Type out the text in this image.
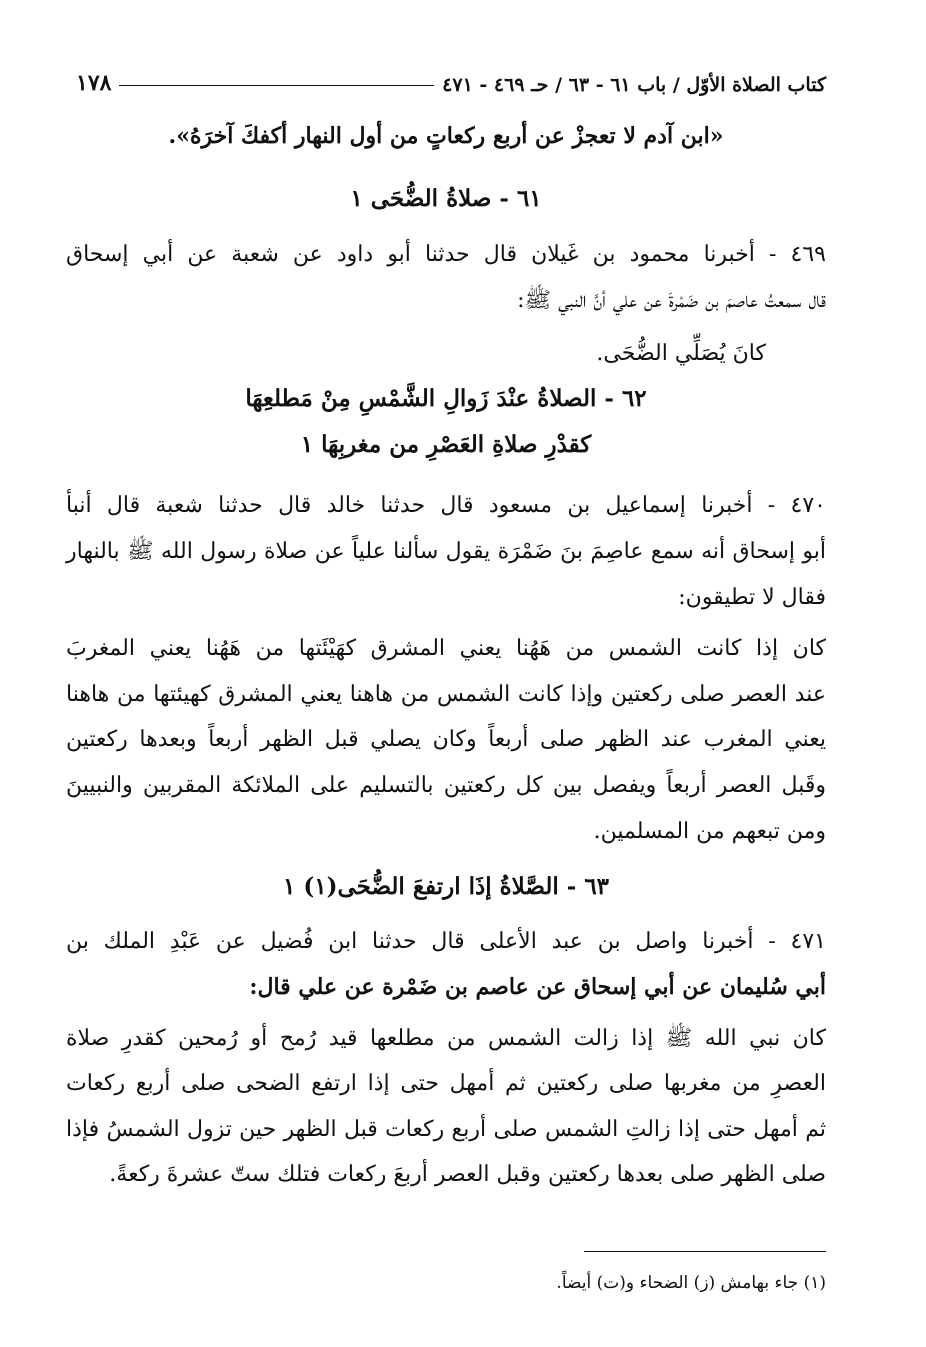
كتاب الصلاة الأوّل / باب ٦١ - ٦٣ / حـ ٤٦٩ - ٤٧١
١٧٨
«ابن آدم لا تعجزْ عن أربع ركعاتٍ من أول النهار أكفكَ آخرَهُ».
٦١ - صلاةُ الضُّحَى ١
٤٦٩ - أخبرنا محمود بن غَيلان قال حدثنا أبو داود عن شعبة عن أبي إسحاق
قال سمعتُ عاصمَ بن ضَمْرةَ عن علي أنَّ النبي ﷺ:
كانَ يُصَلِّي الضُّحَى.
٦٢ - الصلاةُ عنْدَ زَوالِ الشَّمْسِ مِنْ مَطلعِهَا
كقدْرِ صلاةِ العَصْرِ من مغربِهَا ١
٤٧٠ - أخبرنا إسماعيل بن مسعود قال حدثنا خالد قال حدثنا شعبة قال أنبأ
أبو إسحاق أنه سمع عاصِمَ بنَ ضَمْرَة يقول سألنا علياً عن صلاة رسول الله ﷺ بالنهار
فقال لا تطيقون:
كان إذا كانت الشمس من هَهُنا يعني المشرق كهَيْئَتها من هَهُنا يعني المغربَ
عند العصر صلى ركعتين وإذا كانت الشمس من هاهنا يعني المشرق كهيئتها من هاهنا
يعني المغرب عند الظهر صلى أربعاً وكان يصلي قبل الظهر أربعاً وبعدها ركعتين
وقَبل العصر أربعاً ويفصل بين كل ركعتين بالتسليم على الملائكة المقربين والنبيينَ
ومن تبعهم من المسلمين.
٦٣ - الصَّلاةُ إذَا ارتفعَ الضُّحَى(١) ١
٤٧١ - أخبرنا واصل بن عبد الأعلى قال حدثنا ابن فُضيل عن عَبْدِ الملك بن
أبي سُليمان عن أبي إسحاق عن عاصم بن ضَمْرة عن علي قال:
كان نبي الله ﷺ إذا زالت الشمس من مطلعها قيد رُمح أو رُمحين كقدرِ صلاة
العصرِ من مغربها صلى ركعتين ثم أمهل حتى إذا ارتفع الضحى صلى أربع ركعات
ثم أمهل حتى إذا زالتِ الشمس صلى أربع ركعات قبل الظهر حين تزول الشمسُ فإذا
صلى الظهر صلى بعدها ركعتين وقبل العصر أربعَ ركعات فتلك ستّ عشرةَ ركعةً.
(١) جاء بهامش (ز) الضحاء و(ت) أيضاً.
